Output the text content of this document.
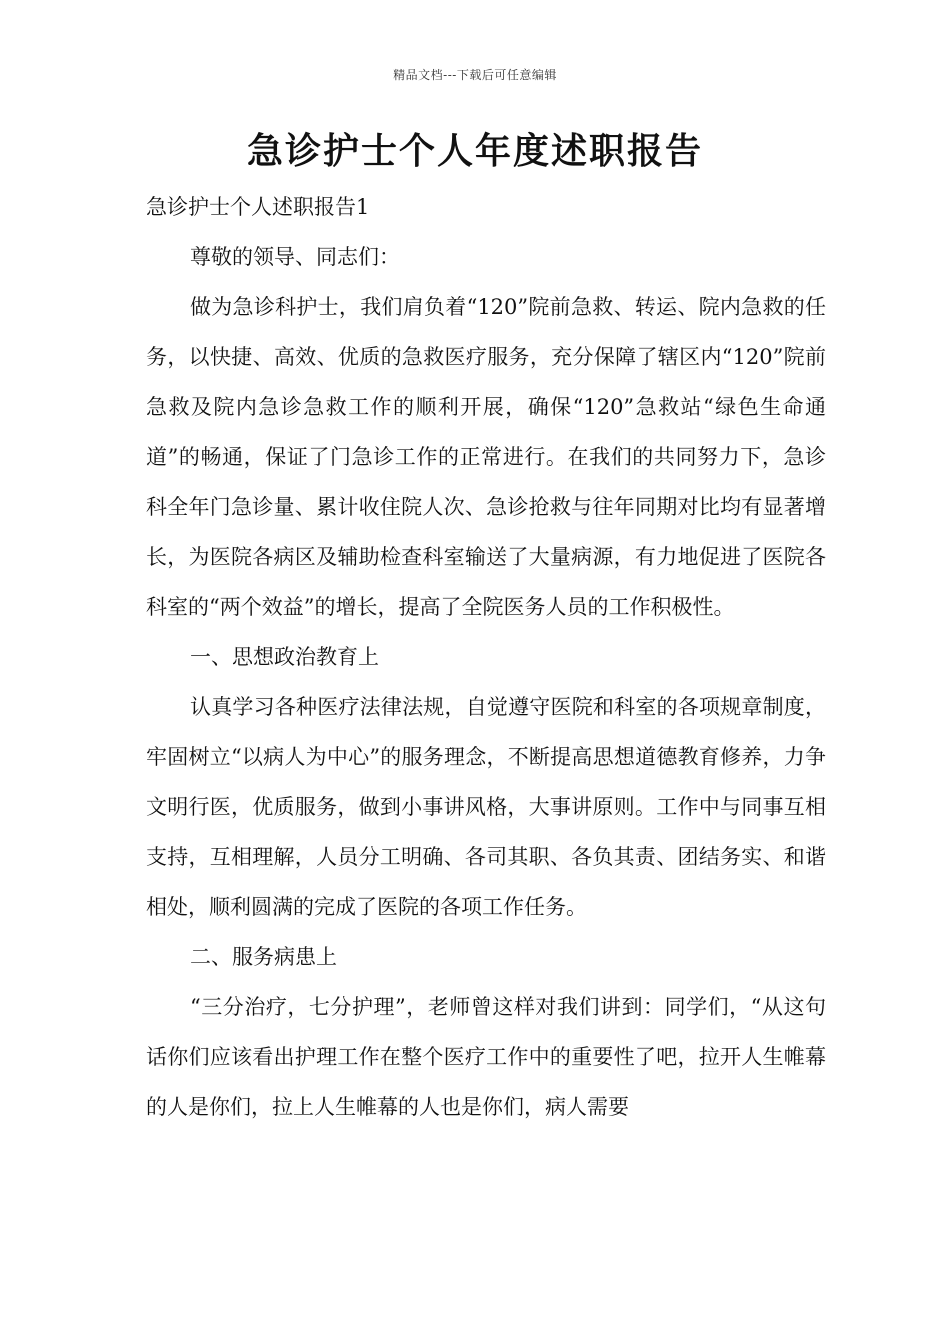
精品文档---下载后可任意编辑
急诊护士个人年度述职报告

急诊护士个人述职报告1

尊敬的领导、同志们：

做为急诊科护士，我们肩负着“120”院前急救、转运、院内急救的任务，以快捷、高效、优质的急救医疗服务，充分保障了辖区内“120”院前急救及院内急诊急救工作的顺利开展，确保“120”急救站“绿色生命通道”的畅通，保证了门急诊工作的正常进行。在我们的共同努力下，急诊科全年门急诊量、累计收住院人次、急诊抢救与往年同期对比均有显著增长，为医院各病区及辅助检查科室输送了大量病源，有力地促进了医院各科室的“两个效益”的增长，提高了全院医务人员的工作积极性。

一、思想政治教育上

认真学习各种医疗法律法规，自觉遵守医院和科室的各项规章制度，牢固树立“以病人为中心”的服务理念，不断提高思想道德教育修养，力争文明行医，优质服务，做到小事讲风格，大事讲原则。工作中与同事互相支持，互相理解，人员分工明确、各司其职、各负其责、团结务实、和谐相处，顺利圆满的完成了医院的各项工作任务。

二、服务病患上

“三分治疗，七分护理”，老师曾这样对我们讲到：同学们，“从这句话你们应该看出护理工作在整个医疗工作中的重要性了吧，拉开人生帷幕的人是你们，拉上人生帷幕的人也是你们，病人需要
